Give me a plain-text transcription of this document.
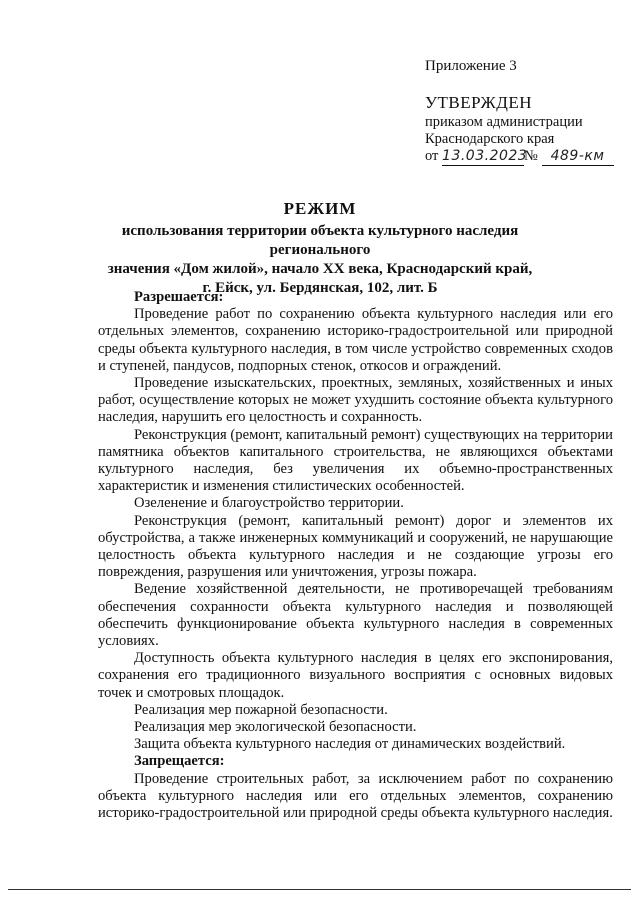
Приложение 3
УТВЕРЖДЕН
приказом администрации
Краснодарского края
от 13.03.2023№ 489-км
РЕЖИМ
использования территории объекта культурного наследия регионального
значения «Дом жилой», начало XX века, Краснодарский край,
г. Ейск, ул. Бердянская, 102, лит. Б

Разрешается:

Проведение работ по сохранению объекта культурного наследия или его отдельных элементов, сохранению историко-градостроительной или природной среды объекта культурного наследия, в том числе устройство современных сходов и ступеней, пандусов, подпорных стенок, откосов и ограждений.

Проведение изыскательских, проектных, земляных, хозяйственных и иных работ, осуществление которых не может ухудшить состояние объекта культурного наследия, нарушить его целостность и сохранность.

Реконструкция (ремонт, капитальный ремонт) существующих на территории памятника объектов капитального строительства, не являющихся объектами культурного наследия, без увеличения их объемно-пространственных характеристик и изменения стилистических особенностей.

Озеленение и благоустройство территории.

Реконструкция (ремонт, капитальный ремонт) дорог и элементов их обустройства, а также инженерных коммуникаций и сооружений, не нарушающие целостность объекта культурного наследия и не создающие угрозы его повреждения, разрушения или уничтожения, угрозы пожара.

Ведение хозяйственной деятельности, не противоречащей требованиям обеспечения сохранности объекта культурного наследия и позволяющей обеспечить функционирование объекта культурного наследия в современных условиях.

Доступность объекта культурного наследия в целях его экспонирования, сохранения его традиционного визуального восприятия с основных видовых точек и смотровых площадок.

Реализация мер пожарной безопасности.

Реализация мер экологической безопасности.

Защита объекта культурного наследия от динамических воздействий.

Запрещается:

Проведение строительных работ, за исключением работ по сохранению объекта культурного наследия или его отдельных элементов, сохранению историко-градостроительной или природной среды объекта культурного наследия.
